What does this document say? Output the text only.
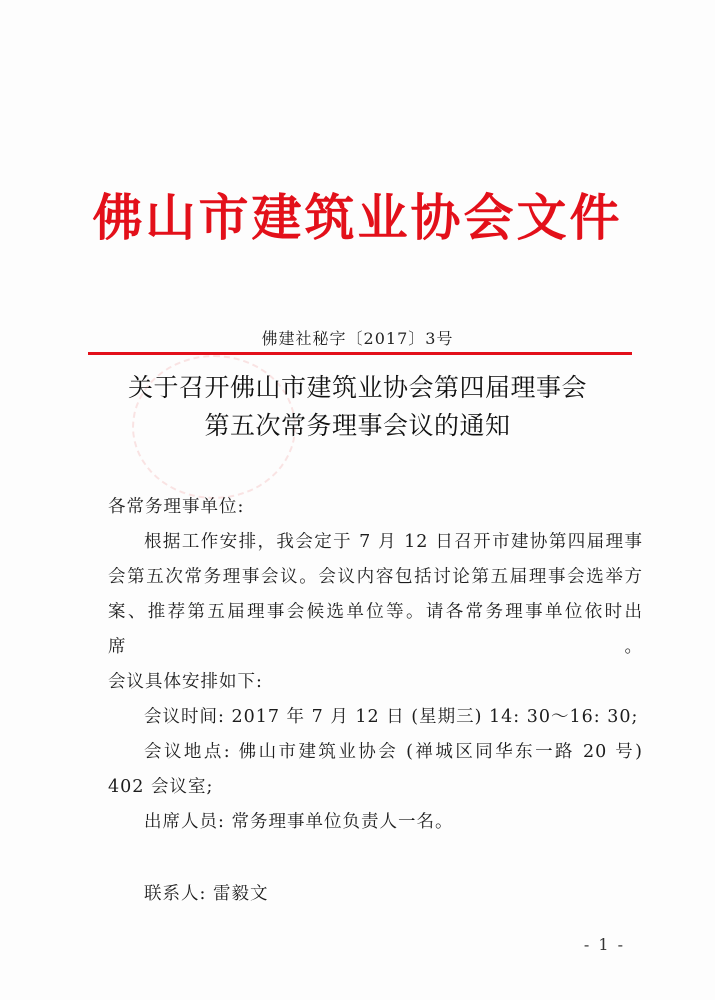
佛山市建筑业协会文件
佛建社秘字〔2017〕3号
关于召开佛山市建筑业协会第四届理事会
第五次常务理事会议的通知

各常务理事单位:

根据工作安排，我会定于 7 月 12 日召开市建协第四届理事

会第五次常务理事会议。会议内容包括讨论第五届理事会选举方

案、推荐第五届理事会候选单位等。请各常务理事单位依时出席。

会议具体安排如下:

会议时间: 2017 年 7 月 12 日 (星期三) 14: 30～16: 30;

会议地点: 佛山市建筑业协会 (禅城区同华东一路 20 号)

402 会议室;

出席人员: 常务理事单位负责人一名。

联系人: 雷毅文

- 1 -
